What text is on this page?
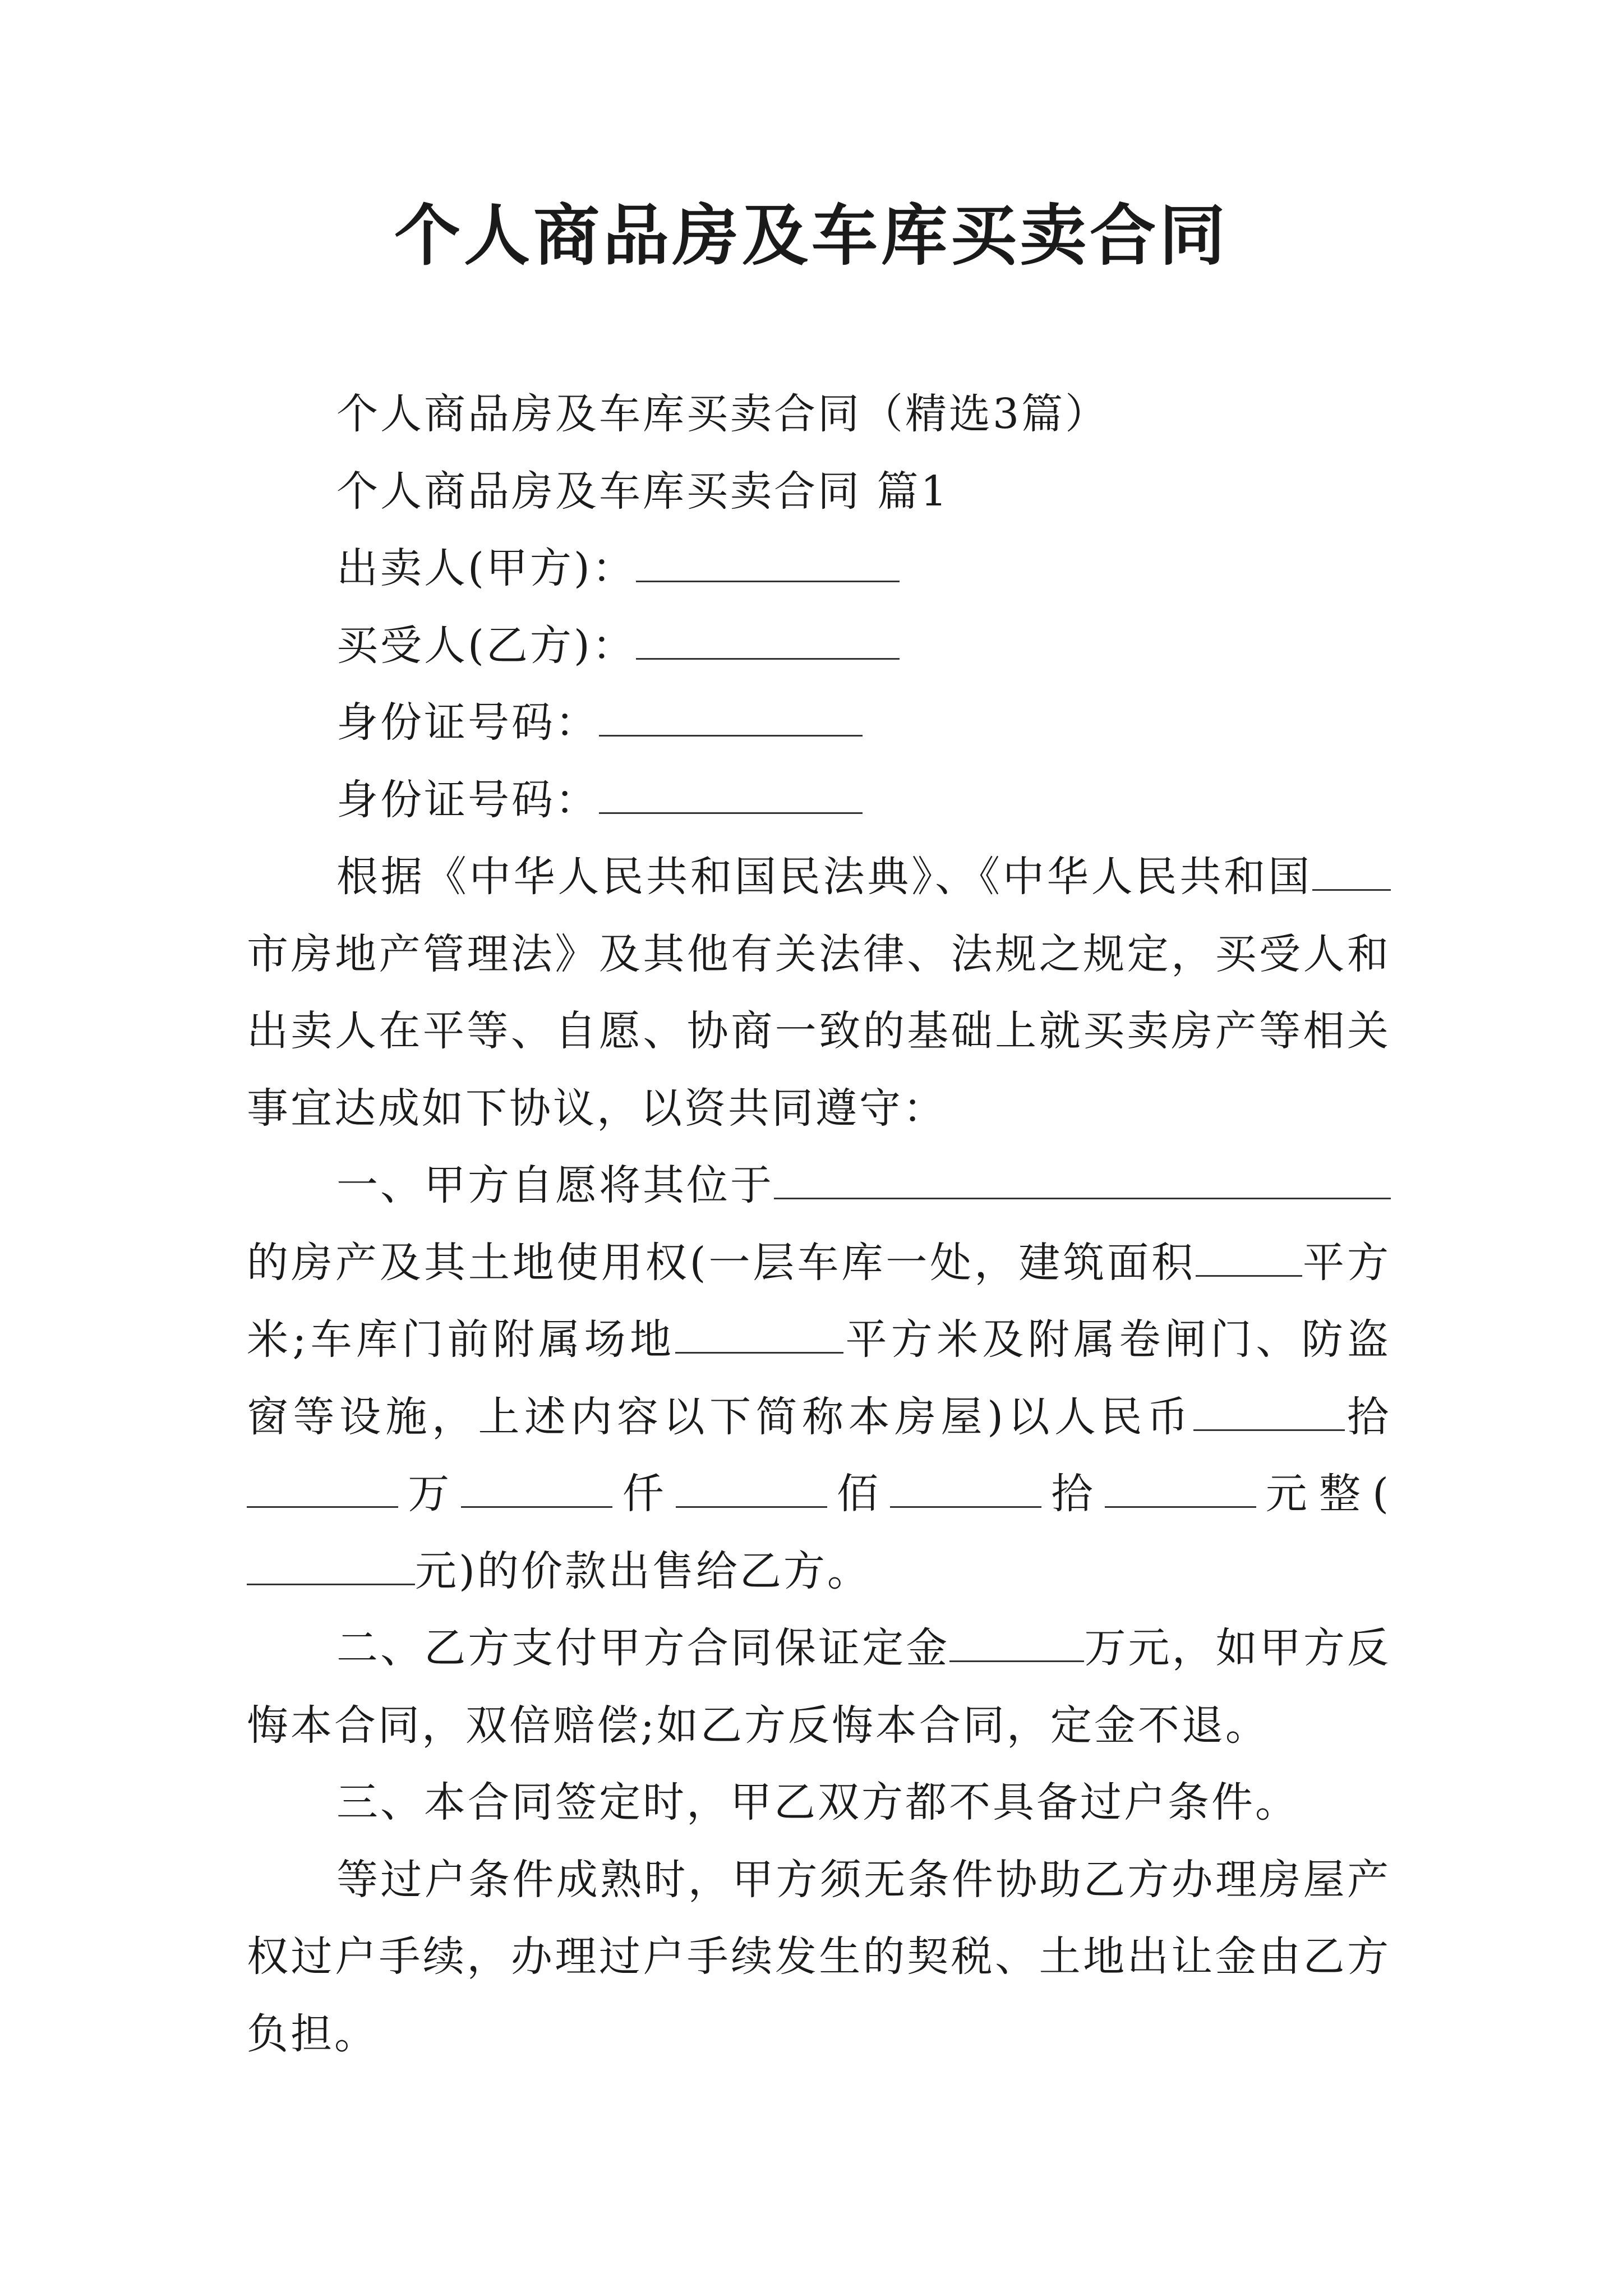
个人商品房及车库买卖合同

个人商品房及车库买卖合同（精选3篇）

个人商品房及车库买卖合同 篇1

出卖人(甲方)：

买受人(乙方)：

身份证号码：

身份证号码：

根据《中华人民共和国民法典》、《中华人民共和国市房地产管理法》及其他有关法律、法规之规定，买受人和出卖人在平等、自愿、协商一致的基础上就买卖房产等相关事宜达成如下协议，以资共同遵守：

一、甲方自愿将其位于的房产及其土地使用权(一层车库一处，建筑面积	平方米;车库门前附属场地	平方米及附属卷闸门、防盗窗等设施，上述内容以下简称本房屋)以人民币	拾万	仟	佰	拾	元整(元)的价款出售给乙方。

二、乙方支付甲方合同保证定金	万元，如甲方反悔本合同，双倍赔偿;如乙方反悔本合同，定金不退。

三、本合同签定时，甲乙双方都不具备过户条件。

等过户条件成熟时，甲方须无条件协助乙方办理房屋产权过户手续，办理过户手续发生的契税、土地出让金由乙方负担。
